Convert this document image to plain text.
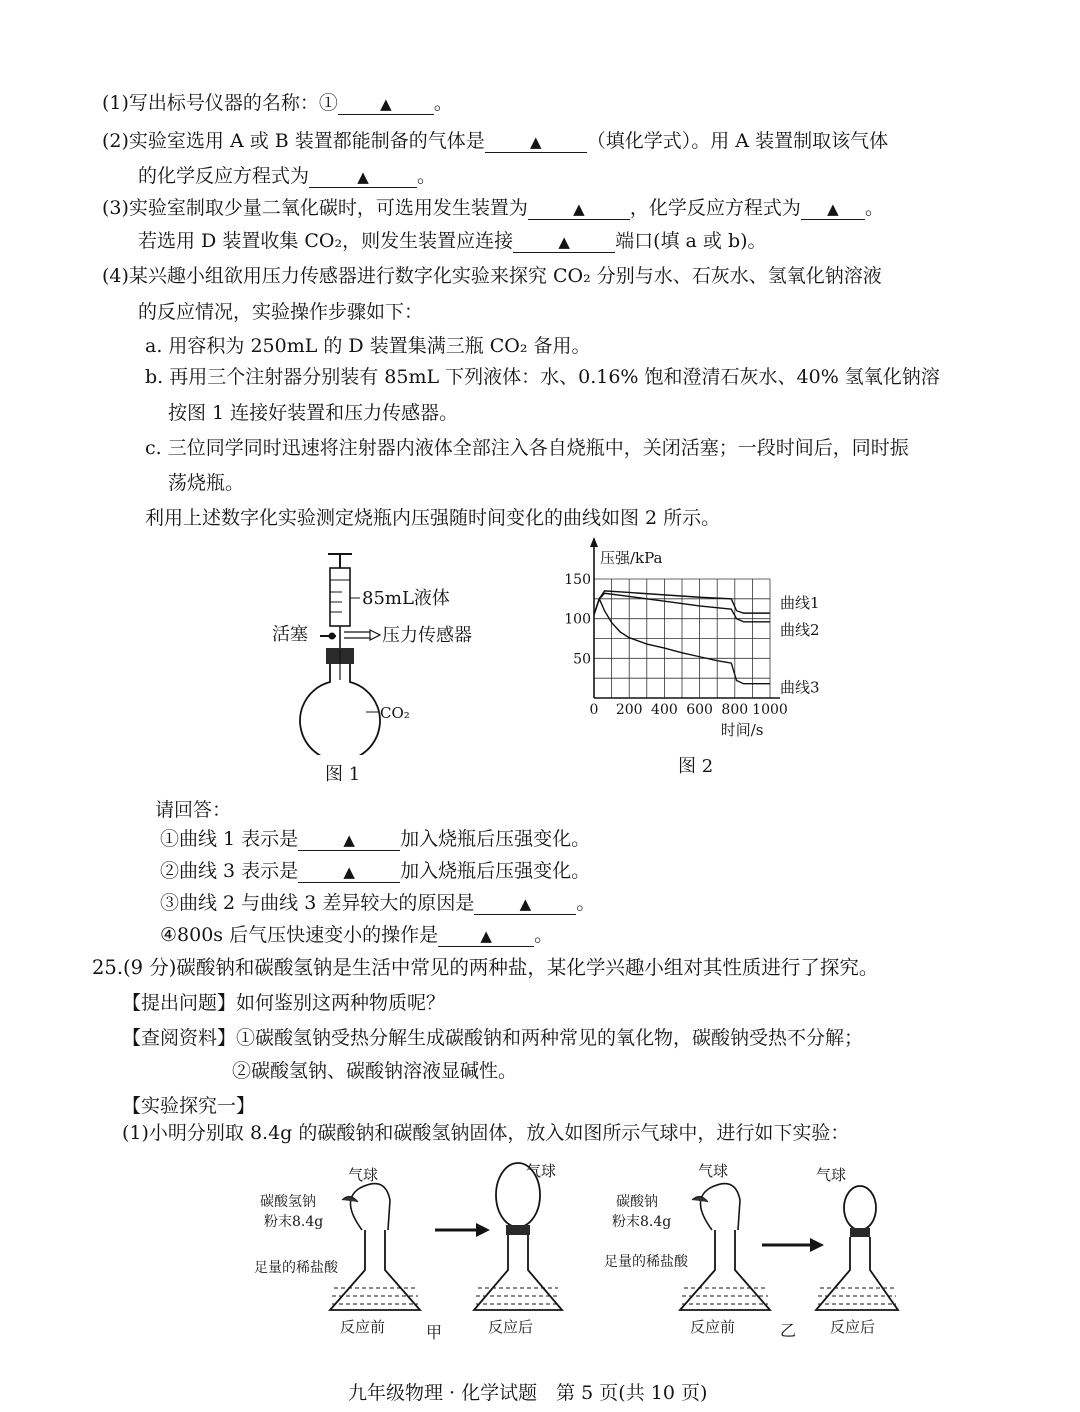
(1)写出标号仪器的名称：①	▲ 。
(2)实验室选用 A 或 B 装置都能制备的气体是	▲ （填化学式）。用 A 装置制取该气体
的化学反应方程式为	▲	。
(3)实验室制取少量二氧化碳时，可选用发生装置为	▲ ，化学反应方程式为 ▲ 。
若选用 D 装置收集 CO₂，则发生装置应连接	▲ 端口(填 a 或 b)。
(4)某兴趣小组欲用压力传感器进行数字化实验来探究 CO₂ 分别与水、石灰水、氢氧化钠溶液
的反应情况，实验操作步骤如下：
a. 用容积为 250mL 的 D 装置集满三瓶 CO₂ 备用。
b. 再用三个注射器分别装有 85mL 下列液体：水、0.16% 饱和澄清石灰水、40% 氢氧化钠溶
按图 1 连接好装置和压力传感器。
c. 三位同学同时迅速将注射器内液体全部注入各自烧瓶中，关闭活塞；一段时间后，同时振
荡烧瓶。
利用上述数字化实验测定烧瓶内压强随时间变化的曲线如图 2 所示。
85mL液体
活塞	压力传感器
CO₂
图 1
压强/kPa
时间/s
50
100
150
0 200 400 600 800 1000
曲线1
曲线2
曲线3
图 2
请回答：
①曲线 1 表示是	▲ 加入烧瓶后压强变化。
②曲线 3 表示是	▲ 加入烧瓶后压强变化。
③曲线 2 与曲线 3 差异较大的原因是	▲ 。
④800s 后气压快速变小的操作是	▲ 。
25.(9 分)碳酸钠和碳酸氢钠是生活中常见的两种盐，某化学兴趣小组对其性质进行了探究。
【提出问题】如何鉴别这两种物质呢？
【查阅资料】①碳酸氢钠受热分解生成碳酸钠和两种常见的氧化物，碳酸钠受热不分解；
②碳酸氢钠、碳酸钠溶液显碱性。
【实验探究一】
(1)小明分别取 8.4g 的碳酸钠和碳酸氢钠固体，放入如图所示气球中，进行如下实验：
气球
碳酸氢钠
粉末8.4g
足量的稀盐酸
反应前
气球
反应后
甲
气球
碳酸钠
粉末8.4g
足量的稀盐酸
反应前
气球
反应后
乙
九年级物理 · 化学试题　第 5 页(共 10 页)
